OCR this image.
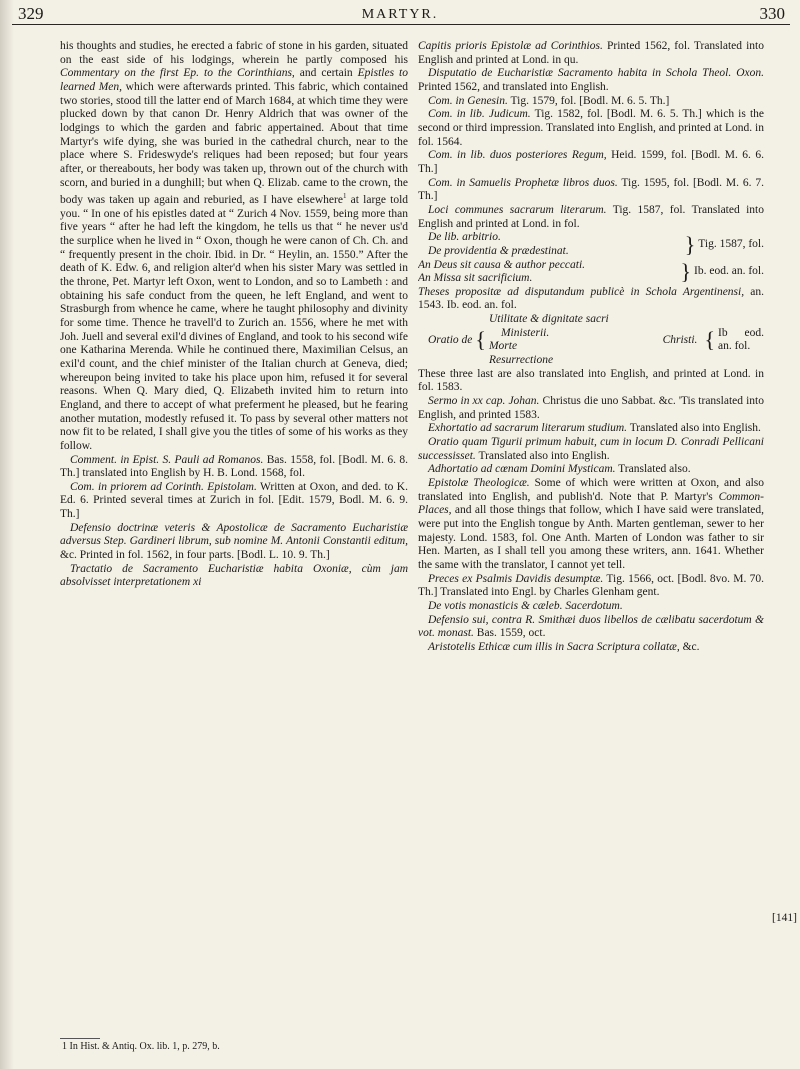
329	MARTYR.	330

his thoughts and studies, he erected a fabric of stone in his garden, situated on the east side of his lodgings, wherein he partly composed his Commentary on the first Ep. to the Corinthians, and certain Epistles to learned Men, which were afterwards printed. This fabric, which contained two stories, stood till the latter end of March 1684, at which time they were plucked down by that canon Dr. Henry Aldrich that was owner of the lodgings to which the garden and fabric appertained. About that time Martyr's wife dying, she was buried in the cathedral church, near to the place where S. Frideswyde's reliques had been reposed; but four years after, or thereabouts, her body was taken up, thrown out of the church with scorn, and buried in a dunghill; but when Q. Elizab. came to the crown, the body was taken up again and reburied, as I have elsewhere$^1$ at large told you. “ In one of his epistles dated at “ Zurich 4 Nov. 1559, being more than five years “ after he had left the kingdom, he tells us that “ he never us'd the surplice when he lived in “ Oxon, though he were canon of Ch. Ch. and “ frequently present in the choir. Ibid. in Dr. “ Heylin, an. 1550.” After the death of K. Edw. 6, and religion alter'd when his sister Mary was settled in the throne, Pet. Martyr left Oxon, went to London, and so to Lambeth : and obtaining his safe conduct from the queen, he left England, and went to Strasburgh from whence he came, where he taught philosophy and divinity for some time. Thence he travell'd to Zurich an. 1556, where he met with Joh. Juell and several exil'd divines of England, and took to his second wife one Katharina Merenda. While he continued there, Maximilian Celsus, an exil'd count, and the chief minister of the Italian church at Geneva, died; whereupon being invited to take his place upon him, refused it for several reasons. When Q. Mary died, Q. Elizabeth invited him to return into England, and there to accept of what preferment he pleased, but he fearing another mutation, modestly refused it. To pass by several other matters not now fit to be related, I shall give you the titles of some of his works as they follow.

Comment. in Epist. S. Pauli ad Romanos. Bas. 1558, fol. [Bodl. M. 6. 8. Th.] translated into English by H. B. Lond. 1568, fol.

Com. in priorem ad Corinth. Epistolam. Written at Oxon, and ded. to K. Ed. 6. Printed several times at Zurich in fol. [Edit. 1579, Bodl. M. 6. 9. Th.]

Defensio doctrinæ veteris & Apostolicæ de Sacramento Eucharistiæ adversus Step. Gardineri librum, sub nomine M. Antonii Constantii editum, &c. Printed in fol. 1562, in four parts. [Bodl. L. 10. 9. Th.]

Tractatio de Sacramento Eucharistiæ habita Oxoniæ, cùm jam absolvisset interpretationem xi

Capitis prioris Epistolæ ad Corinthios. Printed 1562, fol. Translated into English and printed at Lond. in qu.

Disputatio de Eucharistiæ Sacramento habita in Schola Theol. Oxon. Printed 1562, and translated into English.

Com. in Genesin. Tig. 1579, fol. [Bodl. M. 6. 5. Th.]

Com. in lib. Judicum. Tig. 1582, fol. [Bodl. M. 6. 5. Th.] which is the second or third impression. Translated into English, and printed at Lond. in fol. 1564.

Com. in lib. duos posteriores Regum, Heid. 1599, fol. [Bodl. M. 6. 6. Th.]

Com. in Samuelis Prophetæ libros duos. Tig. 1595, fol. [Bodl. M. 6. 7. Th.]

Loci communes sacrarum literarum. Tig. 1587, fol. Translated into English and printed at Lond. in fol.

De lib. arbitrio.
De providentia & prædestinat.	} Tig. 1587, fol.
An Deus sit causa & author peccati.
An Missa sit sacrificium.	} Ib. eod. an. fol.

Theses propositæ ad disputandum publicè in Schola Argentinensi, an. 1543. Ib. eod. an. fol.

Oratio de {
Utilitate & dignitate sacri
Ministerii.
Morte
Resurrectione
Christi. { Ib eod. an. fol.

These three last are also translated into English, and printed at Lond. in fol. 1583.

Sermo in xx cap. Johan. Christus die uno Sabbat. &c. 'Tis translated into English, and printed 1583.

Exhortatio ad sacrarum literarum studium. Translated also into English.

Oratio quam Tigurii primum habuit, cum in locum D. Conradi Pellicani successisset. Translated also into English.

Adhortatio ad cœnam Domini Mysticam. Translated also.

Epistolæ Theologicæ. Some of which were written at Oxon, and also translated into English, and publish'd. Note that P. Martyr's Common-Places, and all those things that follow, which I have said were translated, were put into the English tongue by Anth. Marten gentleman, sewer to her majesty. Lond. 1583, fol. One Anth. Marten of London was father to sir Hen. Marten, as I shall tell you among these writers, ann. 1641. Whether the same with the translator, I cannot yet tell.

Preces ex Psalmis Davidis desumptæ. Tig. 1566, oct. [Bodl. 8vo. M. 70. Th.] Translated into Engl. by Charles Glenham gent.

De votis monasticis & cæleb. Sacerdotum.

Defensio sui, contra R. Smithæi duos libellos de cælibatu sacerdotum & vot. monast. Bas. 1559, oct.

Aristotelis Ethicæ cum illis in Sacra Scriptura collatæ, &c.

[141]
1 In Hist. & Antiq. Ox. lib. 1, p. 279, b.
